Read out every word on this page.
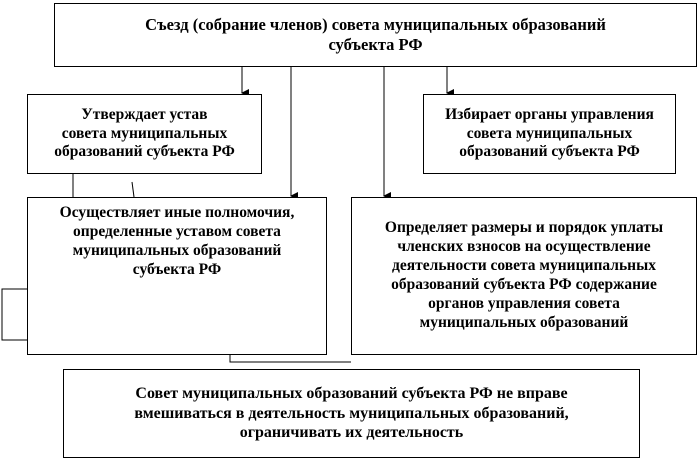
Съезд (собрание членов) совета муниципальных образований
субъекта РФ
Утверждает устав
совета муниципальных
образований субъекта РФ
Избирает органы управления
совета муниципальных
образований субъекта РФ
Осуществляет иные полномочия,
определенные уставом совета
муниципальных образований
субъекта РФ
Определяет размеры и порядок уплаты
членских взносов на осуществление
деятельности совета муниципальных
образований субъекта РФ содержание
органов управления совета
муниципальных образований
Совет муниципальных образований субъекта РФ не вправе
вмешиваться в деятельность муниципальных образований,
ограничивать их деятельность
